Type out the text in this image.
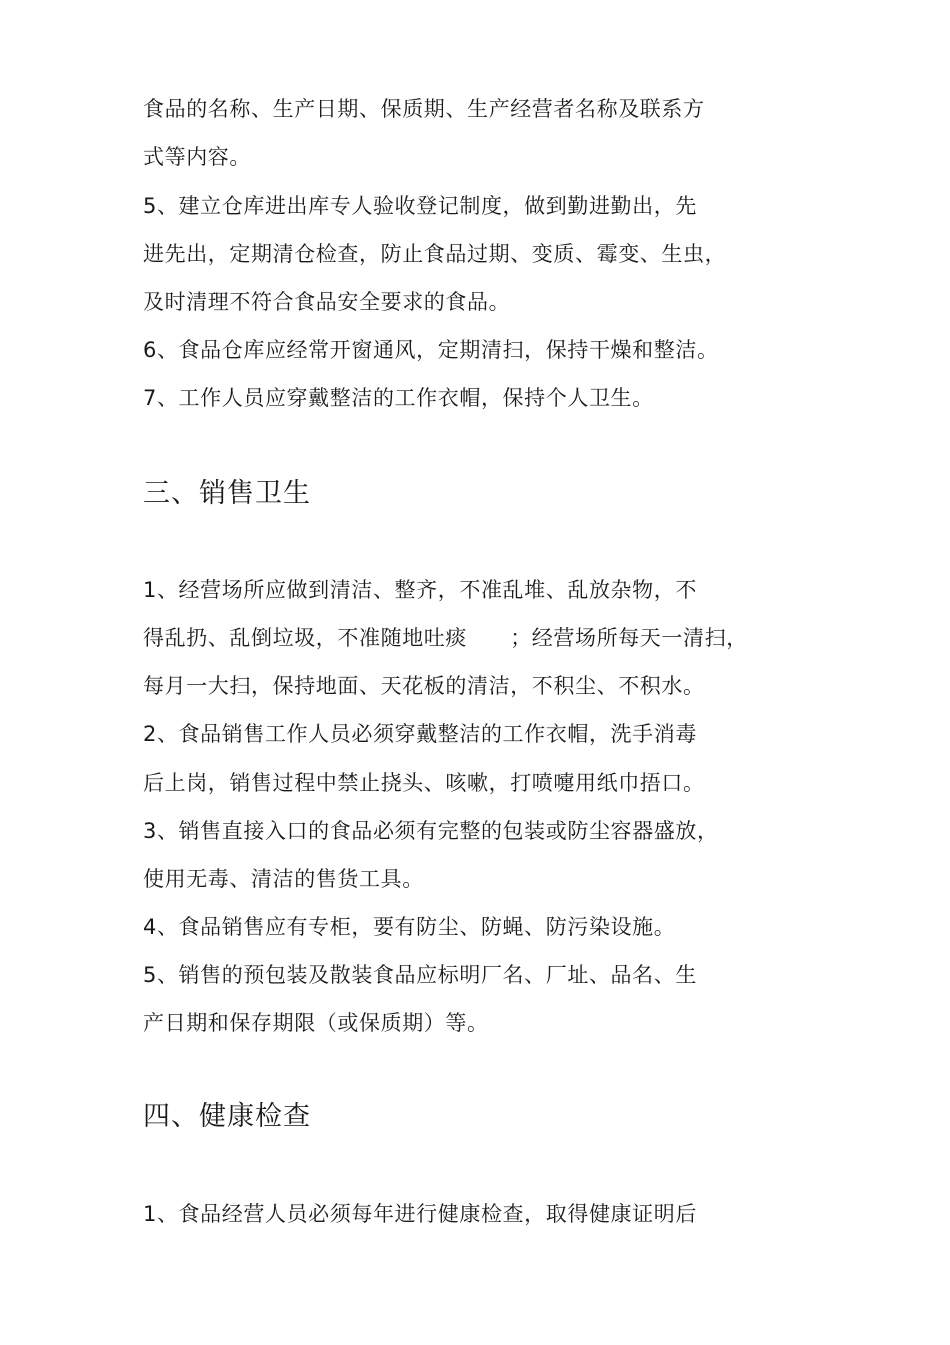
食品的名称、生产日期、保质期、生产经营者名称及联系方
式等内容。
5、建立仓库进出库专人验收登记制度，做到勤进勤出，先
进先出，定期清仓检查，防止食品过期、变质、霉变、生虫，
及时清理不符合食品安全要求的食品。
6、食品仓库应经常开窗通风，定期清扫，保持干燥和整洁。
7、工作人员应穿戴整洁的工作衣帽，保持个人卫生。
三、销售卫生
1、经营场所应做到清洁、整齐，不准乱堆、乱放杂物，不
得乱扔、乱倒垃圾，不准随地吐痰　　；经营场所每天一清扫，
每月一大扫，保持地面、天花板的清洁，不积尘、不积水。
2、食品销售工作人员必须穿戴整洁的工作衣帽，洗手消毒
后上岗，销售过程中禁止挠头、咳嗽，打喷嚏用纸巾捂口。
3、销售直接入口的食品必须有完整的包装或防尘容器盛放，
使用无毒、清洁的售货工具。
4、食品销售应有专柜，要有防尘、防蝇、防污染设施。
5、销售的预包装及散装食品应标明厂名、厂址、品名、生
产日期和保存期限（或保质期）等。
四、健康检查
1、食品经营人员必须每年进行健康检查，取得健康证明后
